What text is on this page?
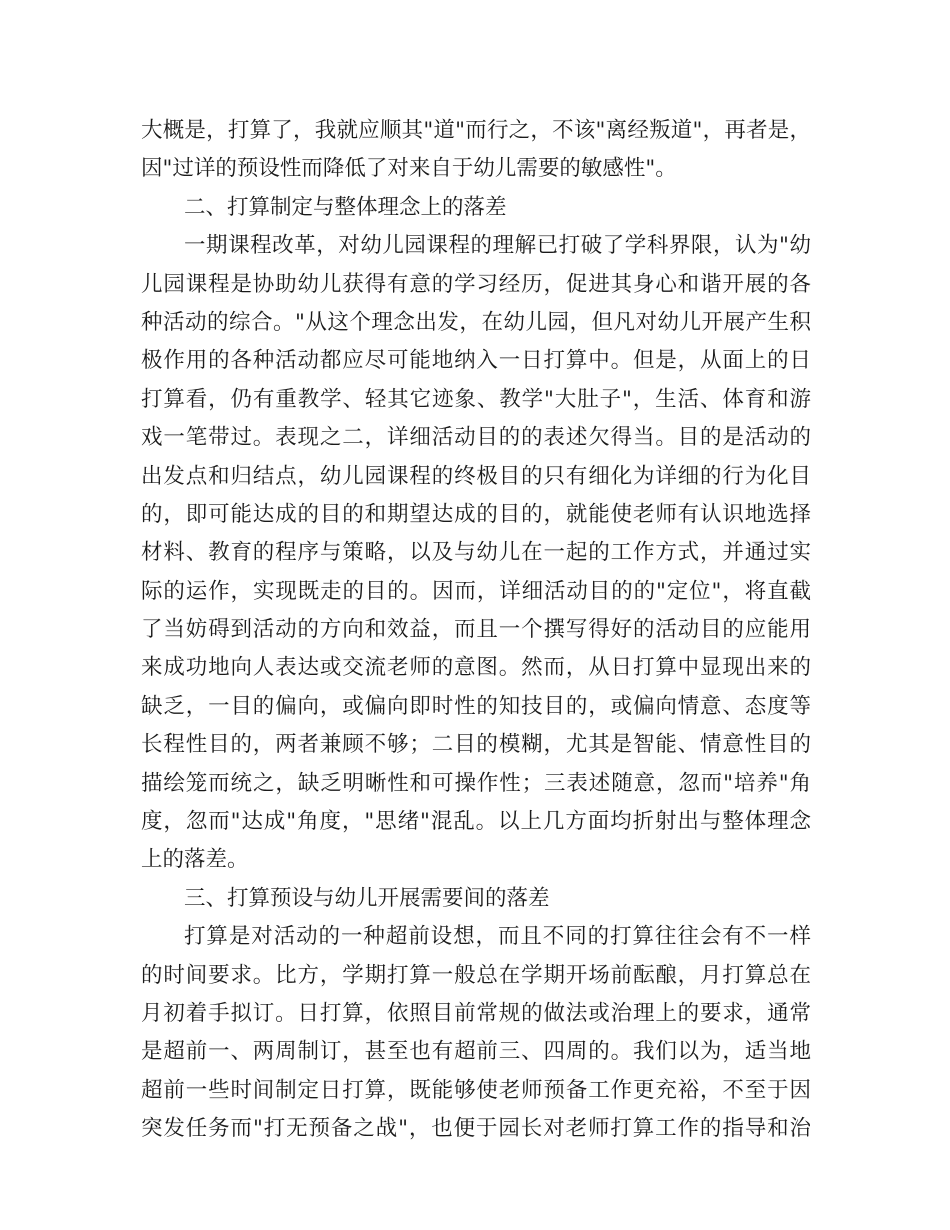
大概是，打算了，我就应顺其"道"而行之，不该"离经叛道"，再者是，
因"过详的预设性而降低了对来自于幼儿需要的敏感性"。
二、打算制定与整体理念上的落差
一期课程改革，对幼儿园课程的理解已打破了学科界限，认为"幼
儿园课程是协助幼儿获得有意的学习经历，促进其身心和谐开展的各
种活动的综合。"从这个理念出发，在幼儿园，但凡对幼儿开展产生积
极作用的各种活动都应尽可能地纳入一日打算中。但是，从面上的日
打算看，仍有重教学、轻其它迹象、教学"大肚子"，生活、体育和游
戏一笔带过。表现之二，详细活动目的的表述欠得当。目的是活动的
出发点和归结点，幼儿园课程的终极目的只有细化为详细的行为化目
的，即可能达成的目的和期望达成的目的，就能使老师有认识地选择
材料、教育的程序与策略，以及与幼儿在一起的工作方式，并通过实
际的运作，实现既走的目的。因而，详细活动目的的"定位"，将直截
了当妨碍到活动的方向和效益，而且一个撰写得好的活动目的应能用
来成功地向人表达或交流老师的意图。然而，从日打算中显现出来的
缺乏，一目的偏向，或偏向即时性的知技目的，或偏向情意、态度等
长程性目的，两者兼顾不够；二目的模糊，尤其是智能、情意性目的
描绘笼而统之，缺乏明晰性和可操作性；三表述随意，忽而"培养"角
度，忽而"达成"角度，"思绪"混乱。以上几方面均折射出与整体理念
上的落差。
三、打算预设与幼儿开展需要间的落差
打算是对活动的一种超前设想，而且不同的打算往往会有不一样
的时间要求。比方，学期打算一般总在学期开场前酝酿，月打算总在
月初着手拟订。日打算，依照目前常规的做法或治理上的要求，通常
是超前一、两周制订，甚至也有超前三、四周的。我们以为，适当地
超前一些时间制定日打算，既能够使老师预备工作更充裕，不至于因
突发任务而"打无预备之战"，也便于园长对老师打算工作的指导和治
